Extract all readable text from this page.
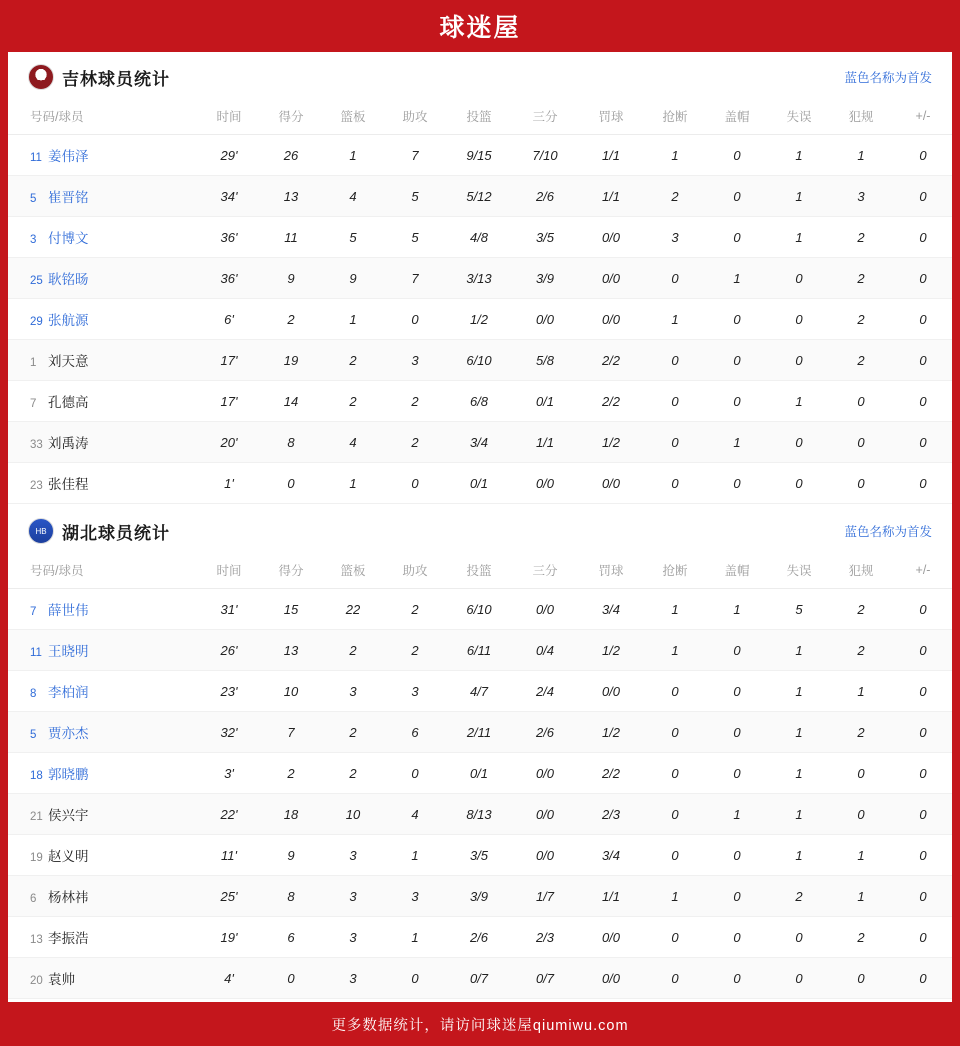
球迷屋
JL 吉林球员统计	蓝色名称为首发
号码/球员	时间	得分	篮板	助攻	投篮	三分	罚球	抢断	盖帽	失误	犯规	+/-
11 姜伟泽	29'	26	1	7	9/15	7/10	1/1	1	0	1	1	0
5 崔晋铭	34'	13	4	5	5/12	2/6	1/1	2	0	1	3	0
3 付博文	36'	11	5	5	4/8	3/5	0/0	3	0	1	2	0
25 耿铭旸	36'	9	9	7	3/13	3/9	0/0	0	1	0	2	0
29 张航源	6'	2	1	0	1/2	0/0	0/0	1	0	0	2	0
1 刘天意	17'	19	2	3	6/10	5/8	2/2	0	0	0	2	0
7 孔德高	17'	14	2	2	6/8	0/1	2/2	0	0	1	0	0
33 刘禹涛	20'	8	4	2	3/4	1/1	1/2	0	1	0	0	0
23 张佳程	1'	0	1	0	0/1	0/0	0/0	0	0	0	0	0
HB 湖北球员统计	蓝色名称为首发
号码/球员	时间	得分	篮板	助攻	投篮	三分	罚球	抢断	盖帽	失误	犯规	+/-
7 薛世伟	31'	15	22	2	6/10	0/0	3/4	1	1	5	2	0
11 王晓明	26'	13	2	2	6/11	0/4	1/2	1	0	1	2	0
8 李柏润	23'	10	3	3	4/7	2/4	0/0	0	0	1	1	0
5 贾亦杰	32'	7	2	6	2/11	2/6	1/2	0	0	1	2	0
18 郭晓鹏	3'	2	2	0	0/1	0/0	2/2	0	0	1	0	0
21 侯兴宇	22'	18	10	4	8/13	0/0	2/3	0	1	1	0	0
19 赵义明	11'	9	3	1	3/5	0/0	3/4	0	0	1	1	0
6 杨林祎	25'	8	3	3	3/9	1/7	1/1	1	0	2	1	0
13 李振浩	19'	6	3	1	2/6	2/3	0/0	0	0	0	2	0
20 袁帅	4'	0	3	0	0/7	0/7	0/0	0	0	0	0	0
更多数据统计，请访问球迷屋qiumiwu.com
